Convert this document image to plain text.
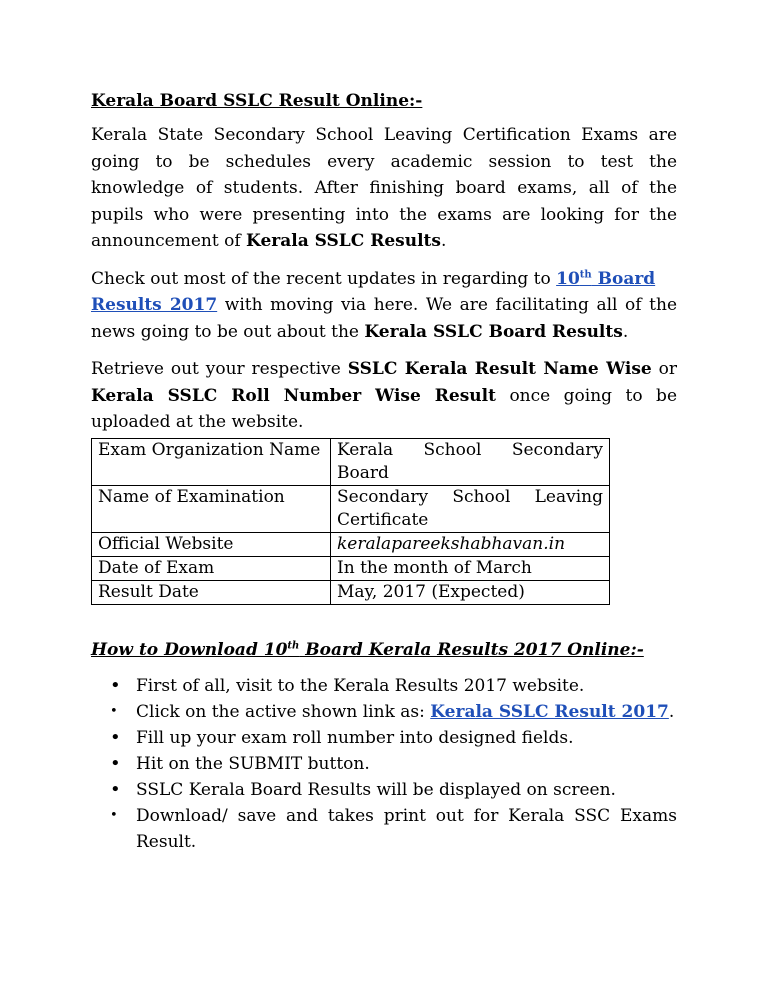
Kerala Board SSLC Result Online:-

Kerala State Secondary School Leaving Certification Exams are going to be schedules every academic session to test the knowledge of students. After finishing board exams, all of the pupils who were presenting into the exams are looking for the announcement of Kerala SSLC Results.

Check out most of the recent updates in regarding to 10th Board
Results 2017 with moving via here. We are facilitating all of the news going to be out about the Kerala SSLC Board Results.

Retrieve out your respective SSLC Kerala Result Name Wise or Kerala SSLC Roll Number Wise Result once going to be uploaded at the website.

Exam Organization Name	Kerala School Secondary Board
Name of Examination	Secondary School Leaving
Certificate

Official Website	keralapareekshabhavan.in
Date of Exam	In the month of March
Result Date	May, 2017 (Expected)
How to Download 10th Board Kerala Results 2017 Online:-
• First of all, visit to the Kerala Results 2017 website.
• Click on the active shown link as: Kerala SSLC Result 2017.
• Fill up your exam roll number into designed fields.
• Hit on the SUBMIT button.
• SSLC Kerala Board Results will be displayed on screen.
• Download/ save and takes print out for Kerala SSC Exams Result.
